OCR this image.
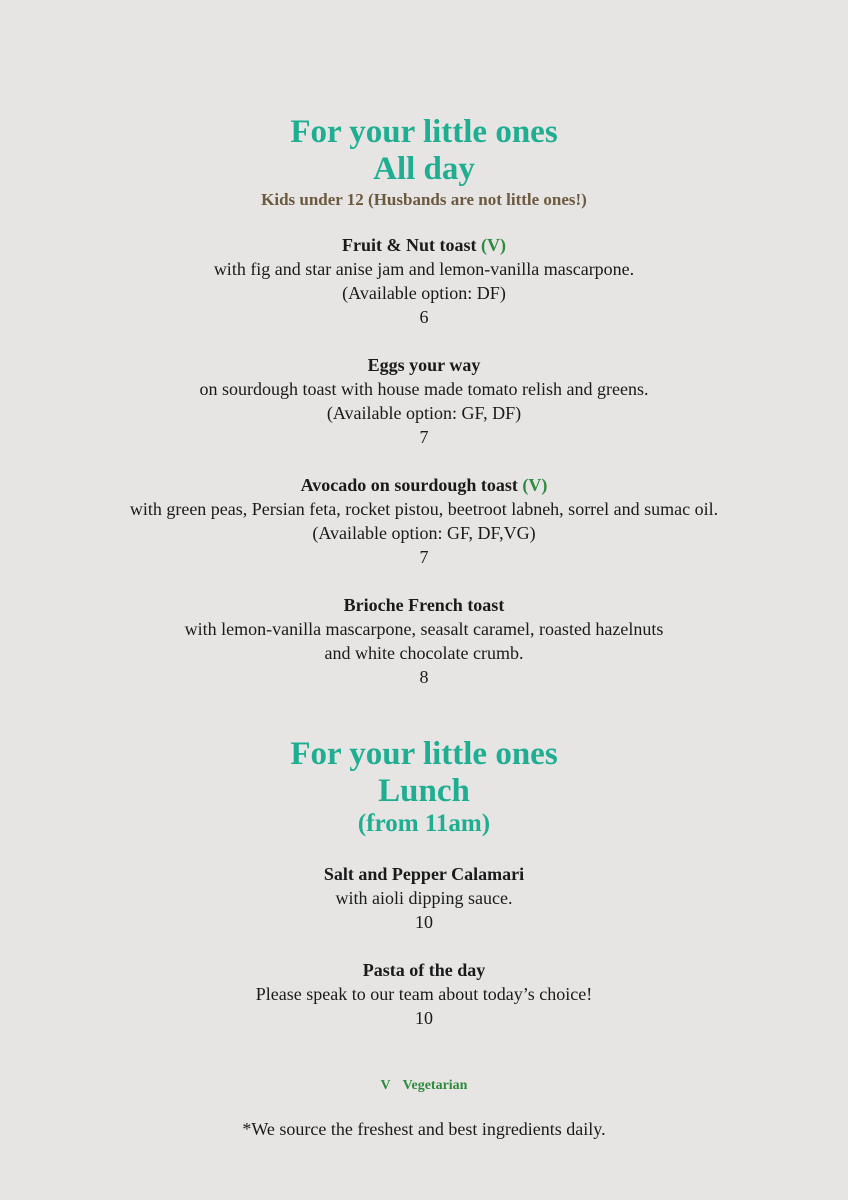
For your little ones

All day

Kids under 12 (Husbands are not little ones!)

Fruit & Nut toast (V)
with fig and star anise jam and lemon-vanilla mascarpone.
(Available option: DF)
6
Eggs your way
on sourdough toast with house made tomato relish and greens.
(Available option: GF, DF)
7
Avocado on sourdough toast (V)
with green peas, Persian feta, rocket pistou, beetroot labneh, sorrel and sumac oil.
(Available option: GF, DF,VG)
7
Brioche French toast
with lemon-vanilla mascarpone, seasalt caramel, roasted hazelnuts
and white chocolate crumb.
8

For your little ones

Lunch

(from 11am)

Salt and Pepper Calamari
with aioli dipping sauce.
10
Pasta of the day
Please speak to our team about today’s choice!
10
V Vegetarian
*We source the freshest and best ingredients daily.
